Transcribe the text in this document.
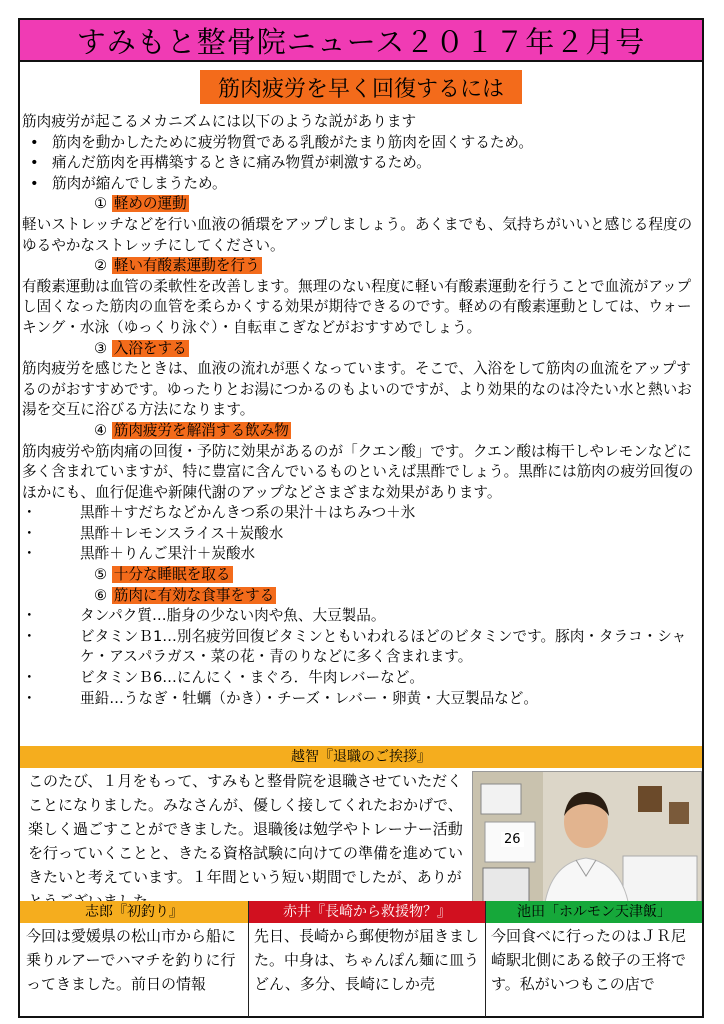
すみもと整骨院ニュース２０１７年２月号
筋肉疲労を早く回復するには

筋肉疲労が起こるメカニズムには以下のような説があります

• 筋肉を動かしたために疲労物質である乳酸がたまり筋肉を固くするため。

• 痛んだ筋肉を再構築するときに痛み物質が刺激するため。

• 筋肉が縮んでしまうため。

① 軽めの運動

軽いストレッチなどを行い血液の循環をアップしましょう。あくまでも、気持ちがいいと感じる程度のゆるやかなストレッチにしてください。

② 軽い有酸素運動を行う

有酸素運動は血管の柔軟性を改善します。無理のない程度に軽い有酸素運動を行うことで血流がアップし固くなった筋肉の血管を柔らかくする効果が期待できるのです。軽めの有酸素運動としては、ウォーキング・水泳（ゆっくり泳ぐ）・自転車こぎなどがおすすめでしょう。

③ 入浴をする

筋肉疲労を感じたときは、血液の流れが悪くなっています。そこで、入浴をして筋肉の血流をアップするのがおすすめです。ゆったりとお湯につかるのもよいのですが、より効果的なのは冷たい水と熱いお湯を交互に浴びる方法になります。

④ 筋肉疲労を解消する飲み物

筋肉疲労や筋肉痛の回復・予防に効果があるのが「クエン酸」です。クエン酸は梅干しやレモンなどに多く含まれていますが、特に豊富に含んでいるものといえば黒酢でしょう。黒酢には筋肉の疲労回復のほかにも、血行促進や新陳代謝のアップなどさまざまな効果があります。

・ 黒酢＋すだちなどかんきつ系の果汁＋はちみつ＋氷

・ 黒酢＋レモンスライス＋炭酸水

・ 黒酢＋りんご果汁＋炭酸水

⑤ 十分な睡眠を取る

⑥ 筋肉に有効な食事をする

・ タンパク質…脂身の少ない肉や魚、大豆製品。

・ ビタミンＢ1…別名疲労回復ビタミンともいわれるほどのビタミンです。豚肉・タラコ・シャケ・アスパラガス・菜の花・青のりなどに多く含まれます。

・ ビタミンＢ6…にんにく・まぐろ．牛肉レバーなど。

・ 亜鉛…うなぎ・牡蠣（かき）・チーズ・レバー・卵黄・大豆製品など。

越智『退職のご挨拶』
このたび、１月をもって、すみもと整骨院を退職させていただくことになりました。みなさんが、優しく接してくれたおかげで、楽しく過ごすことができました。退職後は勉学やトレーナー活動を行っていくことと、きたる資格試験に向けての準備を進めていきたいと考えています。１年間という短い期間でしたが、ありが
26
志郎『初釣り』	赤井『長崎から救援物？』	池田「ホルモン天津飯」
今回は愛媛県の松山市から船に乗りルアーでハマチを釣りに行ってきました。前日の情報
先日、長崎から郵便物が届きました。中身は、ちゃんぽん麺に皿うどん、多分、長崎にしか売
今回食べに行ったのはＪＲ尼崎駅北側にある餃子の王将です。私がいつもこの店で
